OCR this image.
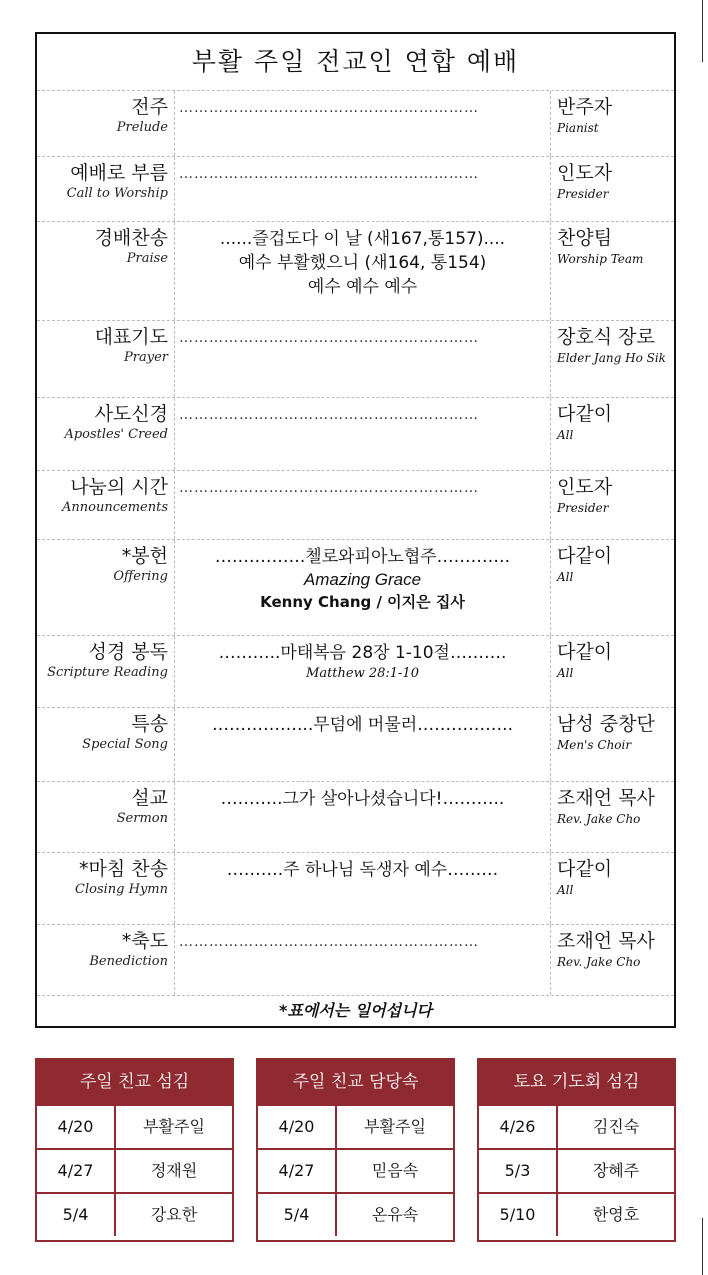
부활 주일 전교인 연합 예배
전주
Prelude
……………………………………………………	반주자
Pianist
예배로 부름
Call to Worship
……………………………………………………	인도자
Presider
경배찬송
Praise
......즐겁도다 이 날 (새167,통157)....
예수 부활했으니 (새164, 통154)
예수 예수 예수
찬양팀
Worship Team
대표기도
Prayer
……………………………………………………	장호식 장로
Elder Jang Ho Sik
사도신경
Apostles' Creed
……………………………………………………	다같이
All
나눔의 시간
Announcements
……………………………………………………	인도자
Presider
*봉헌
Offering
…………….첼로와피아노협주………….
Amazing Grace
Kenny Chang / 이지은 집사
다같이
All
성경 봉독
Scripture Reading
………..마태복음 28장 1-10절……….
Matthew 28:1-10
다같이
All
특송
Special Song
……………...무덤에 머물러……………..	남성 중창단
Men's Choir
설교
Sermon
………..그가 살아나셨습니다!………..	조재언 목사
Rev. Jake Cho
*마침 찬송
Closing Hymn
……….주 하나님 독생자 예수………	다같이
All
*축도
Benediction
……………………………………………………	조재언 목사
Rev. Jake Cho
*표에서는 일어섭니다
주일 친교 섬김
4/20	부활주일
4/27	정재원
5/4	강요한
주일 친교 담당속
4/20	부활주일
4/27	믿음속
5/4	온유속
토요 기도회 섬김
4/26	김진숙
5/3	장혜주
5/10	한영호
